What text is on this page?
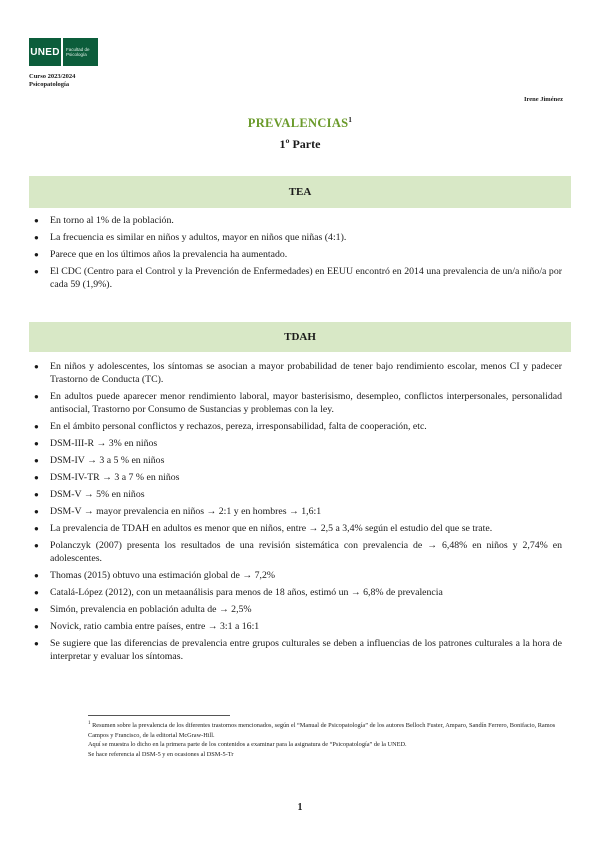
UNED Facultad de
Psicología
Curso 2023/2024
Psicopatología
Irene Jiménez
PREVALENCIAS$^1$
1º Parte
TEA
● En torno al 1% de la población.
● La frecuencia es similar en niños y adultos, mayor en niños que niñas (4:1).
● Parece que en los últimos años la prevalencia ha aumentado.
● El CDC (Centro para el Control y la Prevención de Enfermedades) en EEUU encontró en 2014 una prevalencia de un/a niño/a por cada 59 (1,9%).
TDAH
● En niños y adolescentes, los síntomas se asocian a mayor probabilidad de tener bajo rendimiento escolar, menos CI y padecer Trastorno de Conducta (TC).
● En adultos puede aparecer menor rendimiento laboral, mayor basterisismo, desempleo, conflictos interpersonales, personalidad antisocial, Trastorno por Consumo de Sustancias y problemas con la ley.
● En el ámbito personal conflictos y rechazos, pereza, irresponsabilidad, falta de cooperación, etc.
● DSM-III-R → 3% en niños
● DSM-IV → 3 a 5 % en niños
● DSM-IV-TR → 3 a 7 % en niños
● DSM-V → 5% en niños
● DSM-V → mayor prevalencia en niños → 2:1 y en hombres → 1,6:1
● La prevalencia de TDAH en adultos es menor que en niños, entre → 2,5 a 3,4% según el estudio del que se trate.
● Polanczyk (2007) presenta los resultados de una revisión sistemática con prevalencia de → 6,48% en niños y 2,74% en adolescentes.
● Thomas (2015) obtuvo una estimación global de → 7,2%
● Catalá-López (2012), con un metaanálisis para menos de 18 años, estimó un → 6,8% de prevalencia
● Simón, prevalencia en población adulta de → 2,5%
● Novick, ratio cambia entre países, entre → 3:1 a 16:1
● Se sugiere que las diferencias de prevalencia entre grupos culturales se deben a influencias de los patrones culturales a la hora de interpretar y evaluar los síntomas.
$^1$ Resumen sobre la prevalencia de los diferentes trastornos mencionados, según el “Manual de Psicopatología” de los autores Belloch Fuster, Amparo, Sandín Ferrero, Bonifacio, Ramos Campos y Francisco, de la editorial McGraw-Hill.
Aquí se muestra lo dicho en la primera parte de los contenidos a examinar para la asignatura de “Psicopatología” de la UNED.
Se hace referencia al DSM-5 y en ocasiones al DSM-5-Tr
1
